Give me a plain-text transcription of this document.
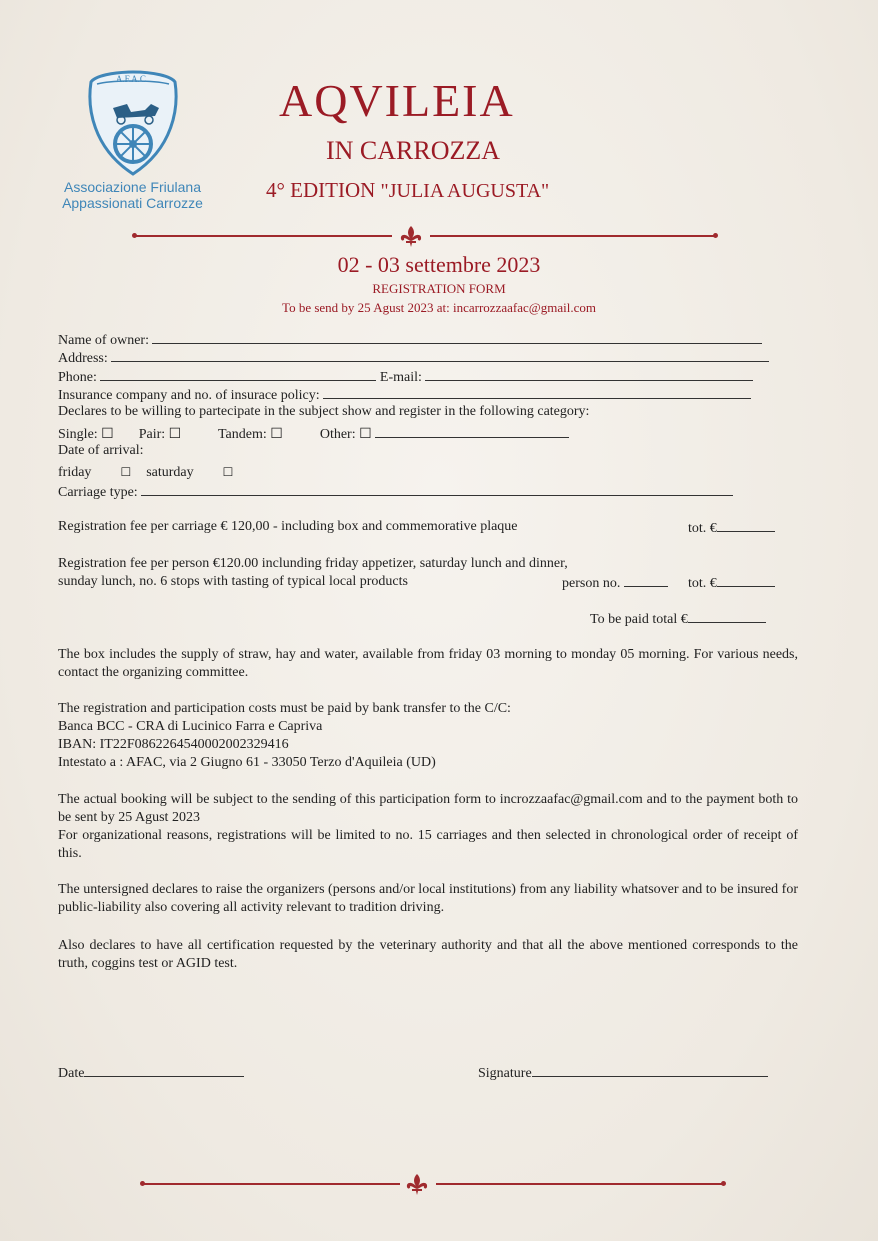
A.F.A.C.
Associazione Friulana
Appassionati Carrozze
AQVILEIA
IN CARROZZA
4° EDITION "JULIA AUGUSTA"
02 - 03 settembre 2023
REGISTRATION FORM
To be send by 25 Agust 2023 at: incarrozzaafac@gmail.com
Name of owner:
Address:
Phone:	E-mail:
Insurance company and no. of insurace policy:
Declares to be willing to partecipate in the subject show and register in the following category:
Single: ☐ Pair: ☐	Tandem: ☐	Other: ☐
Date of arrival:
friday ☐ saturday ☐
Carriage type:
Registration fee per carriage € 120,00 - including box and commemorative plaque	tot. €
Registration fee per person €120.00 inclunding friday appetizer, saturday lunch and dinner,
sunday lunch, no. 6 stops with tasting of typical local products	person no.	tot. €
To be paid total €
The box includes the supply of straw, hay and water, available from friday 03 morning to monday 05 morning. For various needs, contact the organizing committee.
The registration and participation costs must be paid by bank transfer to the C/C:
Banca BCC - CRA di Lucinico Farra e Capriva
IBAN: IT22F0862264540002002329416
Intestato a : AFAC, via 2 Giugno 61 - 33050 Terzo d'Aquileia (UD)
The actual booking will be subject to the sending of this participation form to incrozzaafac@gmail.com and to the payment both to be sent by 25 Agust 2023
For organizational reasons, registrations will be limited to no. 15 carriages and then selected in chronological order of receipt of this.
The untersigned declares to raise the organizers (persons and/or local institutions) from any liability whatsover and to be insured for public-liability also covering all activity relevant to tradition driving.
Also declares to have all certification requested by the veterinary authority and that all the above mentioned corresponds to the truth, coggins test or AGID test.
Date	Signature
